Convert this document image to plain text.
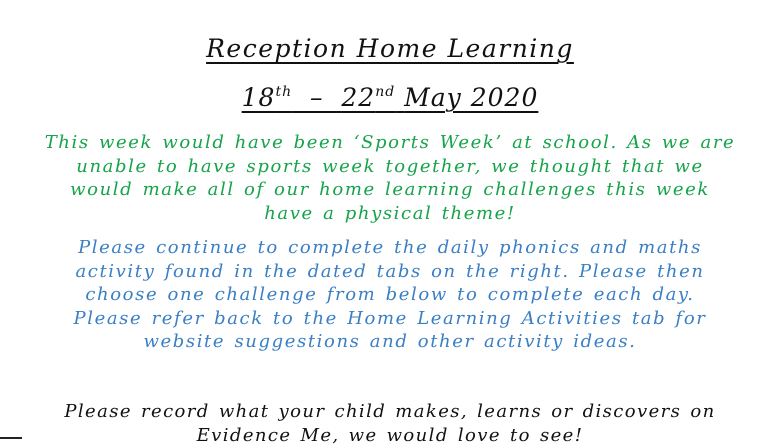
Reception Home Learning
18th – 22nd May 2020
This week would have been ‘Sports Week’ at school. As we are
unable to have sports week together, we thought that we
would make all of our home learning challenges this week
have a physical theme!
Please continue to complete the daily phonics and maths
activity found in the dated tabs on the right. Please then
choose one challenge from below to complete each day.
Please refer back to the Home Learning Activities tab for
website suggestions and other activity ideas.
Please record what your child makes, learns or discovers on
Evidence Me, we would love to see!
